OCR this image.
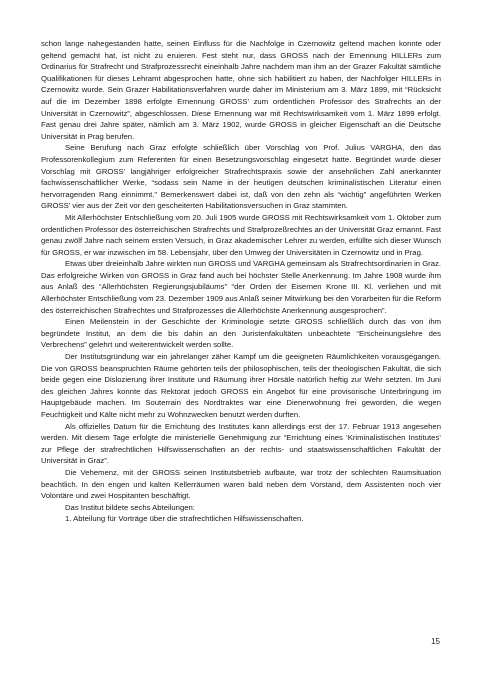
schon lange nahegestanden hatte, seinen Einfluss für die Nachfolge in Czernowitz geltend machen konnte oder geltend gemacht hat, ist nicht zu eruieren. Fest steht nur, dass GROSS nach der Ernennung HILLERs zum Ordinarius für Strafrecht und Strafprozessrecht eineinhalb Jahre nachdem man ihm an der Grazer Fakultät sämtliche Qualifikationen für dieses Lehramt abgesprochen hatte, ohne sich habilitiert zu haben, der Nachfolger HILLERs in Czernowitz wurde. Sein Grazer Habilitationsverfahren wurde daher im Ministerium am 3. März 1899, mit “Rücksicht auf die im Dezember 1898 erfolgte Ernennung GROSS’ zum ordentlichen Professor des Strafrechts an der Universität in Czernowitz”, abgeschlossen. Diese Ernennung war mit Rechtswirksamkeit vom 1. März 1899 erfolgt. Fast genau drei Jahre später, nämlich am 3. März 1902, wurde GROSS in gleicher Eigenschaft an die Deutsche Universität in Prag berufen.

Seine Berufung nach Graz erfolgte schließlich über Vorschlag von Prof. Julius VARGHA, den das Professorenkollegium zum Referenten für einen Besetzungsvorschlag eingesetzt hatte. Begründet wurde dieser Vorschlag mit GROSS’ langjähriger erfolgreicher Strafrechtspraxis sowie der ansehnlichen Zahl anerkannter fachwissenschaftlicher Werke, “sodass sein Name in der heutigen deutschen kriminalistischen Literatur einen hervorragenden Rang einnimmt.” Bemerkenswert dabei ist, daß von den zehn als “wichtig” angeführten Werken GROSS’ vier aus der Zeit vor den gescheiterten Habilitationsversuchen in Graz stammten.

Mit Allerhöchster Entschließung vom 20. Juli 1905 wurde GROSS mit Rechtswirksamkeit vom 1. Oktober zum ordentlichen Professor des österreichischen Strafrechts und Strafprozeßrechtes an der Universität Graz ernannt. Fast genau zwölf Jahre nach seinem ersten Versuch, in Graz akademischer Lehrer zu werden, erfüllte sich dieser Wunsch für GROSS, er war inzwischen im 58. Lebensjahr, über den Umweg der Universitäten in Czernowitz und in Prag.

Etwas über dreieinhalb Jahre wirkten nun GROSS und VARGHA gemeinsam als Strafrechtsordinarien in Graz. Das erfolgreiche Wirken von GROSS in Graz fand auch bei höchster Stelle Anerkennung. Im Jahre 1908 wurde ihm aus Anlaß des “Allerhöchsten Regierungsjubiläums” “der Orden der Eisernen Krone III. Kl. verliehen und mit Allerhöchster Entschließung vom 23. Dezember 1909 aus Anlaß seiner Mitwirkung bei den Vorarbeiten für die Reform des österreichischen Strafrechtes und Strafprozesses die Allerhöchste Anerkennung ausgesprochen”.

Einen Meilenstein in der Geschichte der Kriminologie setzte GROSS schließlich durch das von ihm begründete Institut, an dem die bis dahin an den Juristenfakultäten unbeachtete “Erscheinungslehre des Verbrechens” gelehrt und weiterentwickelt werden sollte.

Der Institutsgründung war ein jahrelanger zäher Kampf um die geeigneten Räumlichkeiten vorausgegangen. Die von GROSS beanspruchten Räume gehörten teils der philosophischen, teils der theologischen Fakultät, die sich beide gegen eine Dislozierung ihrer Institute und Räumung ihrer Hörsäle natürlich heftig zur Wehr setzten. Im Juni des gleichen Jahres konnte das Rektorat jedoch GROSS ein Angebot für eine provisorische Unterbringung im Hauptgebäude machen. Im Souterrain des Nordtraktes war eine Dienerwohnung frei geworden, die wegen Feuchtigkeit und Kälte nicht mehr zu Wohnzwecken benutzt werden durften.

Als offizielles Datum für die Errichtung des Institutes kann allerdings erst der 17. Februar 1913 angesehen werden. Mit diesem Tage erfolgte die ministerielle Genehmigung zur “Errichtung eines ‘Kriminalistischen Institutes’ zur Pflege der strafrechtlichen Hilfswissenschaften an der rechts- und staatswissenschaftlichen Fakultät der Universität in Graz”.

Die Vehemenz, mit der GROSS seinen Institutsbetrieb aufbaute, war trotz der schlechten Raumsituation beachtlich. In den engen und kalten Kellerräumen waren bald neben dem Vorstand, dem Assistenten noch vier Volontäre und zwei Hospitanten beschäftigt.

Das Institut bildete sechs Abteilungen:

1. Abteilung für Vorträge über die strafrechtlichen Hilfswissenschaften.

15
